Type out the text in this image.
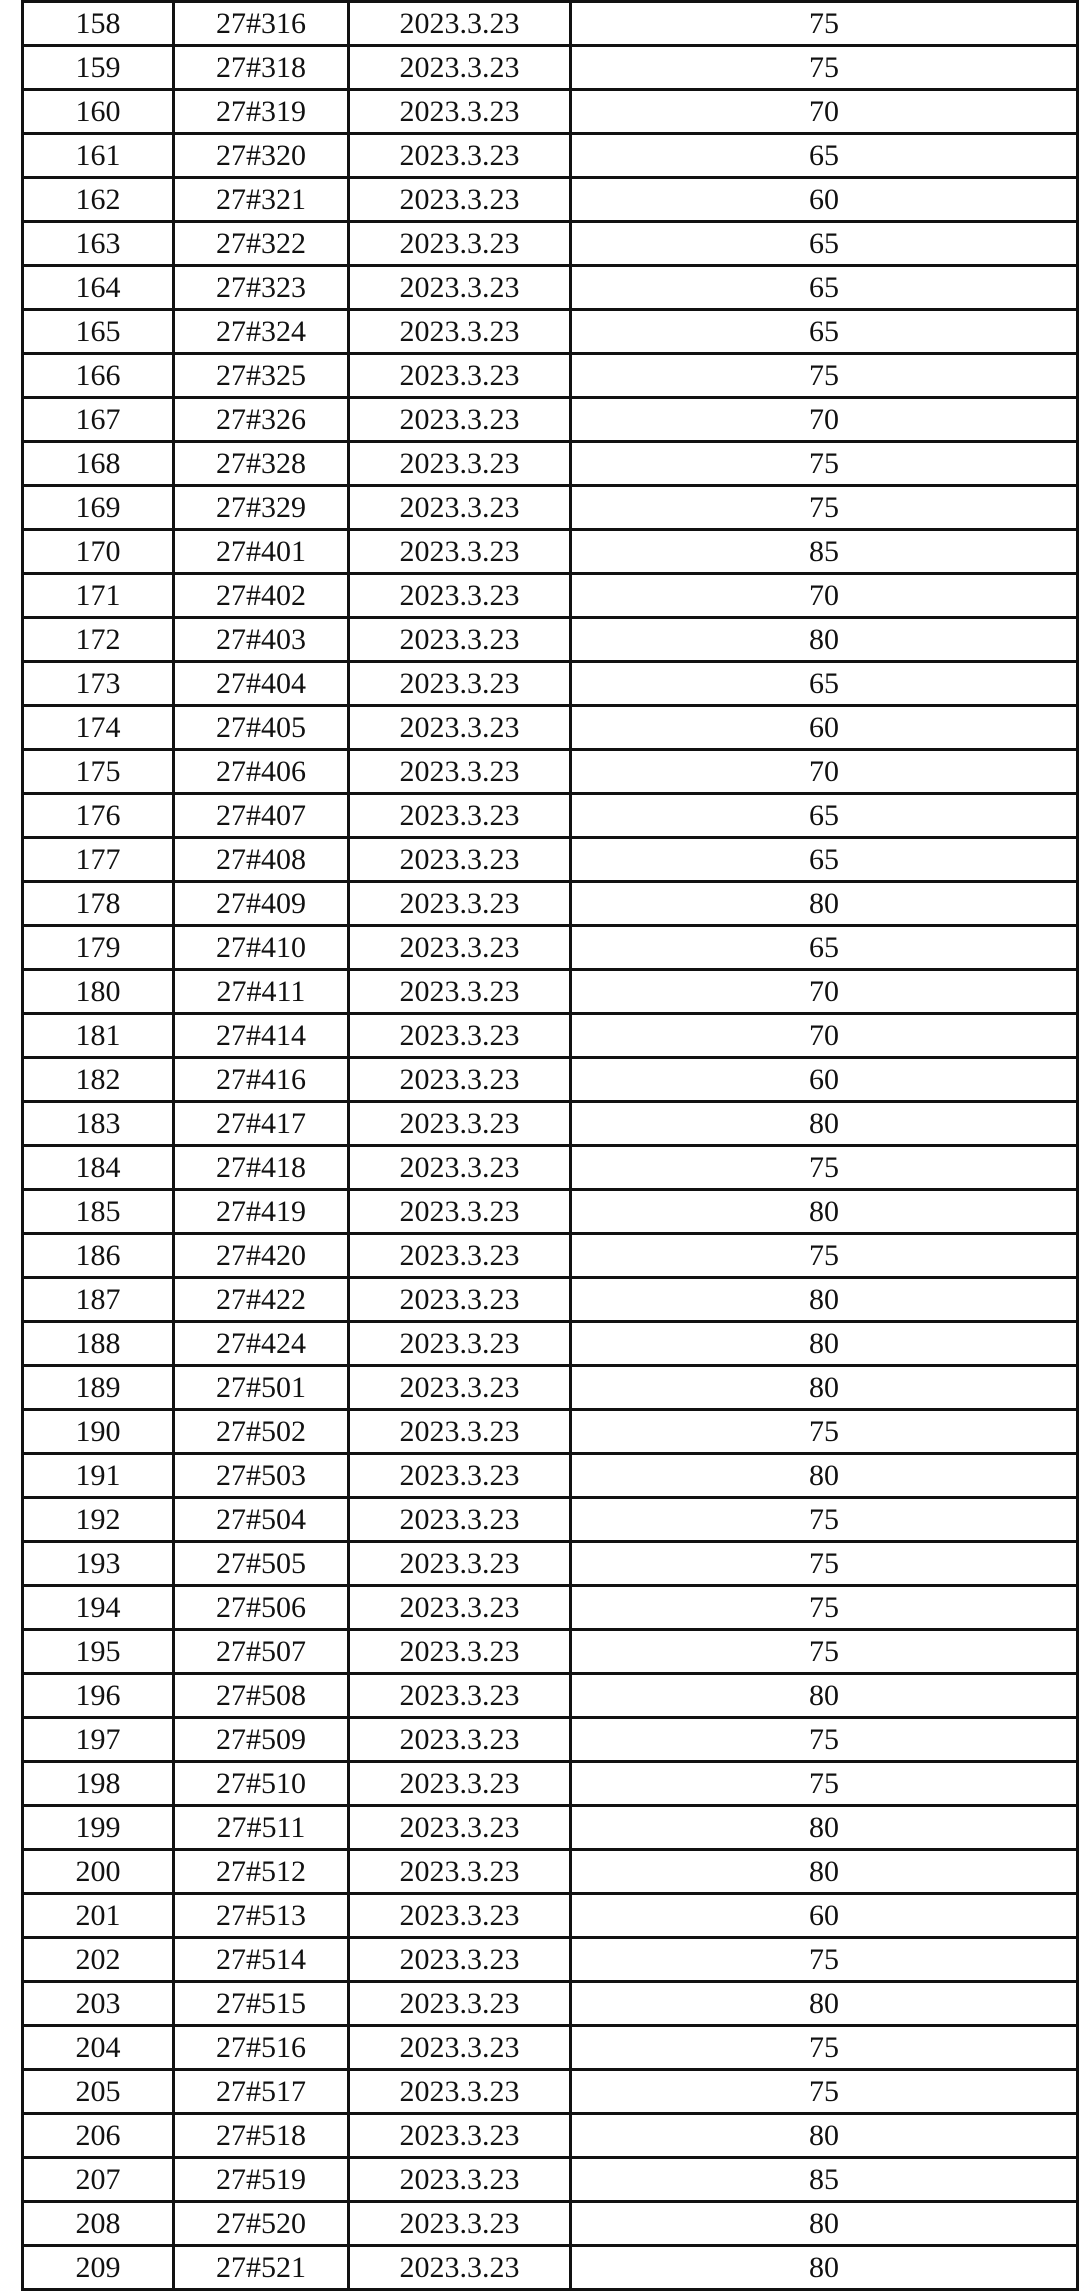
158	27#316	2023.3.23	75
159	27#318	2023.3.23	75
160	27#319	2023.3.23	70
161	27#320	2023.3.23	65
162	27#321	2023.3.23	60
163	27#322	2023.3.23	65
164	27#323	2023.3.23	65
165	27#324	2023.3.23	65
166	27#325	2023.3.23	75
167	27#326	2023.3.23	70
168	27#328	2023.3.23	75
169	27#329	2023.3.23	75
170	27#401	2023.3.23	85
171	27#402	2023.3.23	70
172	27#403	2023.3.23	80
173	27#404	2023.3.23	65
174	27#405	2023.3.23	60
175	27#406	2023.3.23	70
176	27#407	2023.3.23	65
177	27#408	2023.3.23	65
178	27#409	2023.3.23	80
179	27#410	2023.3.23	65
180	27#411	2023.3.23	70
181	27#414	2023.3.23	70
182	27#416	2023.3.23	60
183	27#417	2023.3.23	80
184	27#418	2023.3.23	75
185	27#419	2023.3.23	80
186	27#420	2023.3.23	75
187	27#422	2023.3.23	80
188	27#424	2023.3.23	80
189	27#501	2023.3.23	80
190	27#502	2023.3.23	75
191	27#503	2023.3.23	80
192	27#504	2023.3.23	75
193	27#505	2023.3.23	75
194	27#506	2023.3.23	75
195	27#507	2023.3.23	75
196	27#508	2023.3.23	80
197	27#509	2023.3.23	75
198	27#510	2023.3.23	75
199	27#511	2023.3.23	80
200	27#512	2023.3.23	80
201	27#513	2023.3.23	60
202	27#514	2023.3.23	75
203	27#515	2023.3.23	80
204	27#516	2023.3.23	75
205	27#517	2023.3.23	75
206	27#518	2023.3.23	80
207	27#519	2023.3.23	85
208	27#520	2023.3.23	80
209	27#521	2023.3.23	80
